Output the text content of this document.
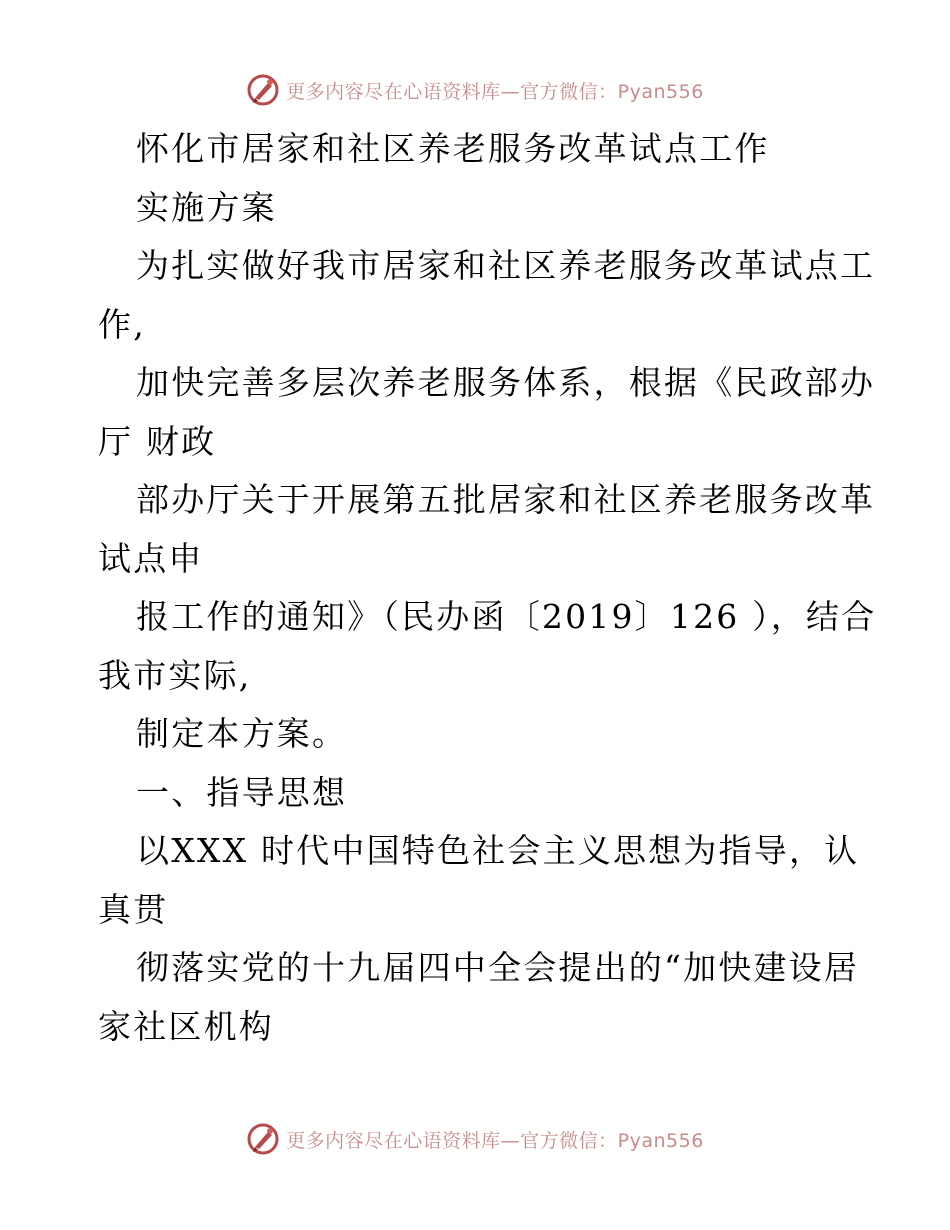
更多内容尽在心语资料库—官方微信：Pyan556
怀化市居家和社区养老服务改革试点工作
实施方案
为扎实做好我市居家和社区养老服务改革试点工
作,
加快完善多层次养老服务体系，根据《民政部办
厅 财政
部办厅关于开展第五批居家和社区养老服务改革
试点申
报工作的通知》（民办函〔2019〕126 ），结合
我市实际,
制定本方案。
一、指导思想
以XXX 时代中国特色社会主义思想为指导，认
真贯
彻落实党的十九届四中全会提出的“加快建设居
家社区机构
更多内容尽在心语资料库—官方微信：Pyan556
